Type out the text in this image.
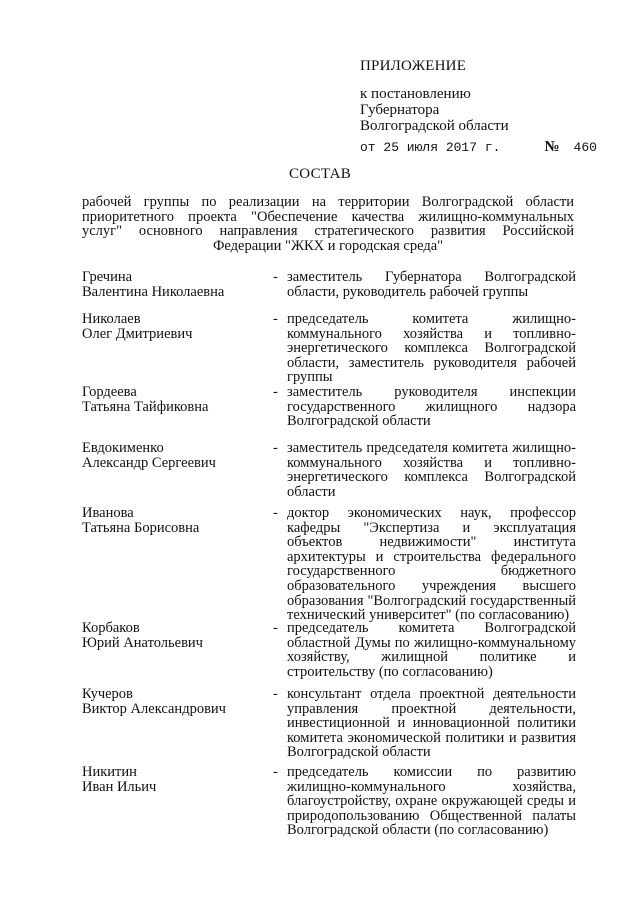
ПРИЛОЖЕНИЕ
к постановлению
Губернатора
Волгоградской области
от 25 июля 2017 г.	№ 460
СОСТАВ
рабочей группы по реализации на территории Волгоградской области приоритетного проекта "Обеспечение качества жилищно-коммунальных услуг" основного направления стратегического развития Российской Федерации "ЖКХ и городская среда"
Гречина
Валентина Николаевна
- заместитель Губернатора Волгоградской области, руководитель рабочей группы
Николаев
Олег Дмитриевич
- председатель комитета жилищно-коммунального хозяйства и топливно-энергетического комплекса Волгоградской области, заместитель руководителя рабочей группы
Гордеева
Татьяна Тайфиковна
- заместитель руководителя инспекции государственного жилищного надзора Волгоградской области
Евдокименко
Александр Сергеевич
- заместитель председателя комитета жилищно-коммунального хозяйства и топливно-энергетического комплекса Волгоградской области
Иванова
Татьяна Борисовна
- доктор экономических наук, профессор кафедры "Экспертиза и эксплуатация объектов недвижимости" института архитектуры и строительства федерального государственного бюджетного образовательного учреждения высшего образования "Волгоградский государственный технический университет" (по согласованию)
Корбаков
Юрий Анатольевич
- председатель комитета Волгоградской областной Думы по жилищно-коммунальному хозяйству, жилищной политике и строительству (по согласованию)
Кучеров
Виктор Александрович
- консультант отдела проектной деятельности управления проектной деятельности, инвестиционной и инновационной политики комитета экономической политики и развития Волгоградской области
Никитин
Иван Ильич
- председатель комиссии по развитию жилищно-коммунального хозяйства, благоустройству, охране окружающей среды и природопользованию Общественной палаты Волгоградской области (по согласованию)
